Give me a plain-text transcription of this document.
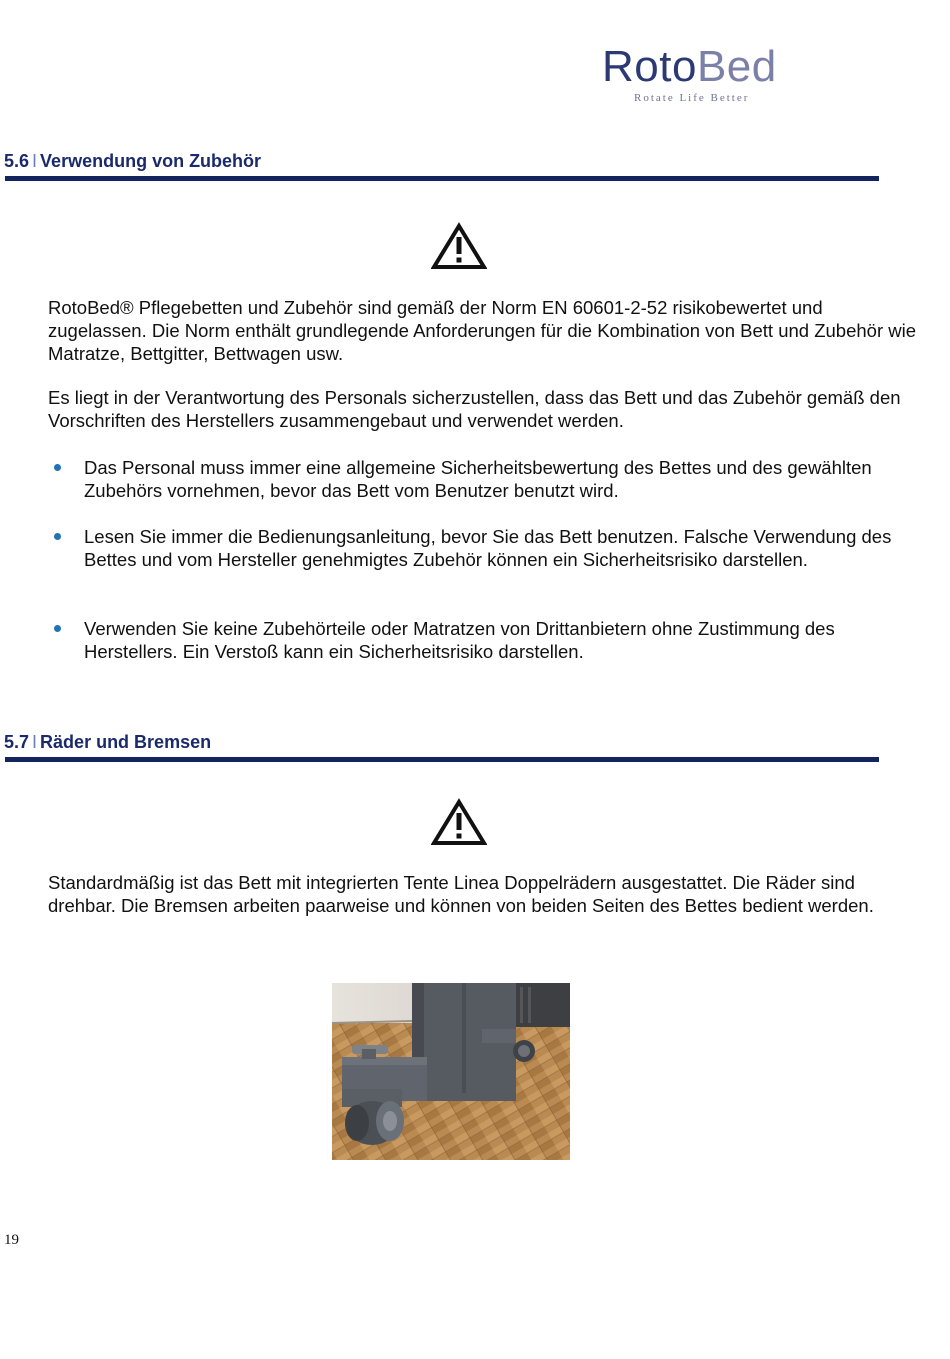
RotoBed
Rotate Life Better
5.6 I Verwendung von Zubehör

RotoBed® Pflegebetten und Zubehör sind gemäß der Norm EN 60601-2-52 risikobewertet und zugelassen. Die Norm enthält grundlegende Anforderungen für die Kombination von Bett und Zubehör wie Matratze, Bettgitter, Bettwagen usw.

Es liegt in der Verantwortung des Personals sicherzustellen, dass das Bett und das Zubehör gemäß den Vorschriften des Herstellers zusammengebaut und verwendet werden.

Das Personal muss immer eine allgemeine Sicherheitsbewertung des Bettes und des gewählten Zubehörs vornehmen, bevor das Bett vom Benutzer benutzt wird.

Lesen Sie immer die Bedienungsanleitung, bevor Sie das Bett benutzen. Falsche Verwendung des Bettes und vom Hersteller genehmigtes Zubehör können ein Sicherheitsrisiko darstellen.

Verwenden Sie keine Zubehörteile oder Matratzen von Drittanbietern ohne Zustimmung des Herstellers. Ein Verstoß kann ein Sicherheitsrisiko darstellen.

5.7 I Räder und Bremsen

Standardmäßig ist das Bett mit integrierten Tente Linea Doppelrädern ausgestattet. Die Räder sind drehbar. Die Bremsen arbeiten paarweise und können von beiden Seiten des Bettes bedient werden.

19
